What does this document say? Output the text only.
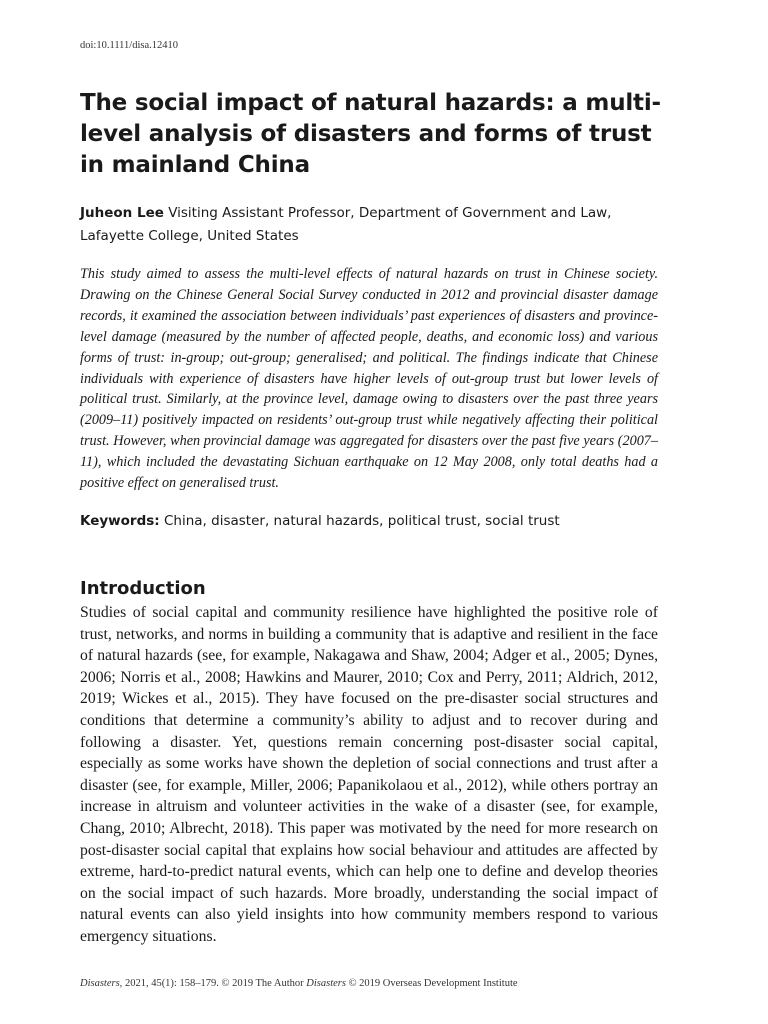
doi:10.1111/disa.12410
The social impact of natural hazards: a multi-level analysis of disasters and forms of trust in mainland China
Juheon Lee Visiting Assistant Professor, Department of Government and Law, Lafayette College, United States

This study aimed to assess the multi-level effects of natural hazards on trust in Chinese society. Drawing on the Chinese General Social Survey conducted in 2012 and provincial disaster damage records, it examined the association between individuals’ past experiences of disasters and province-level damage (measured by the number of affected people, deaths, and economic loss) and various forms of trust: in-group; out-group; generalised; and political. The findings indicate that Chinese individuals with experience of disasters have higher levels of out-group trust but lower levels of political trust. Similarly, at the province level, damage owing to disasters over the past three years (2009–11) positively impacted on residents’ out-group trust while negatively affecting their political trust. However, when provincial damage was aggregated for disasters over the past five years (2007–11), which included the devastating Sichuan earthquake on 12 May 2008, only total deaths had a positive effect on generalised trust.

Keywords: China, disaster, natural hazards, political trust, social trust
Introduction

Studies of social capital and community resilience have highlighted the positive role of trust, networks, and norms in building a community that is adaptive and resilient in the face of natural hazards (see, for example, Nakagawa and Shaw, 2004; Adger et al., 2005; Dynes, 2006; Norris et al., 2008; Hawkins and Maurer, 2010; Cox and Perry, 2011; Aldrich, 2012, 2019; Wickes et al., 2015). They have focused on the pre-disaster social structures and conditions that determine a community’s ability to adjust and to recover during and following a disaster. Yet, questions remain concerning post-disaster social capital, especially as some works have shown the depletion of social connections and trust after a disaster (see, for example, Miller, 2006; Papanikolaou et al., 2012), while others portray an increase in altruism and volunteer activities in the wake of a disaster (see, for example, Chang, 2010; Albrecht, 2018). This paper was motivated by the need for more research on post-disaster social capital that explains how social behaviour and attitudes are affected by extreme, hard-to-predict natural events, which can help one to define and develop theories on the social impact of such hazards. More broadly, understanding the social impact of natural events can also yield insights into how community members respond to various emergency situations.

Disasters, 2021, 45(1): 158–179. © 2019 The Author Disasters © 2019 Overseas Development Institute
